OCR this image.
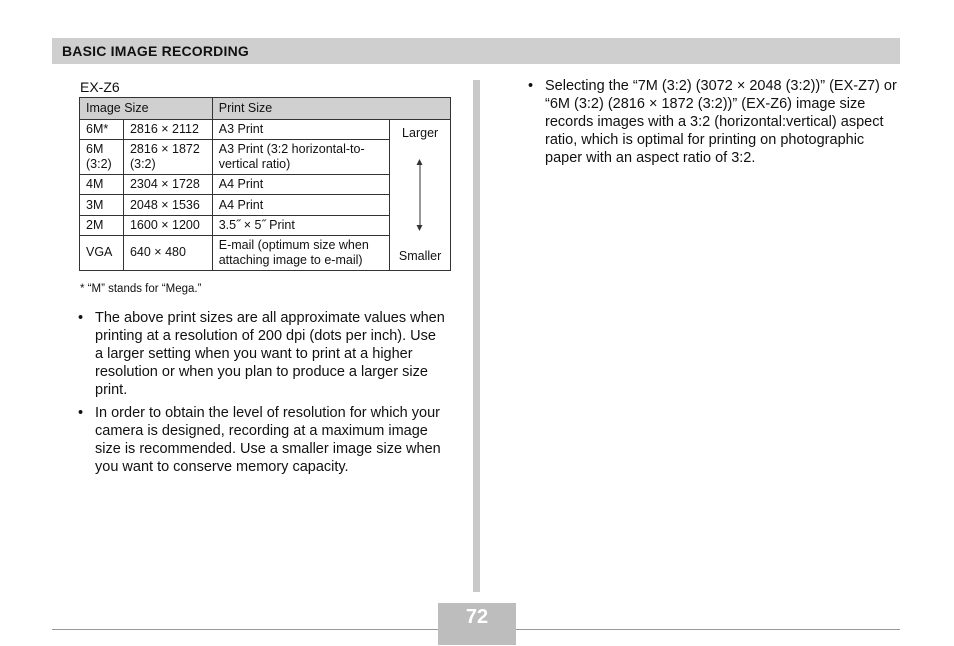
BASIC IMAGE RECORDING
EX-Z6
Image Size		Print Size	
6M*	2816 × 2112	A3 Print	Larger
Smaller

6M (3:2)	2816 × 1872 (3:2)	A3 Print (3:2 horizontal-to-vertical ratio)	
4M	2304 × 1728	A4 Print	
3M	2048 × 1536	A4 Print	
2M	1600 × 1200	3.5˝ × 5˝ Print	
VGA	640 × 480	E-mail (optimum size when attaching image to e-mail)	
* “M” stands for “Mega.”
• The above print sizes are all approximate values when printing at a resolution of 200 dpi (dots per inch). Use a larger setting when you want to print at a higher resolution or when you plan to produce a larger size print.
• In order to obtain the level of resolution for which your camera is designed, recording at a maximum image size is recommended. Use a smaller image size when you want to conserve memory capacity.
• Selecting the “7M (3:2) (3072 × 2048 (3:2))” (EX-Z7) or “6M (3:2) (2816 × 1872 (3:2))” (EX-Z6) image size records images with a 3:2 (horizontal:vertical) aspect ratio, which is optimal for printing on photographic paper with an aspect ratio of 3:2.
72
